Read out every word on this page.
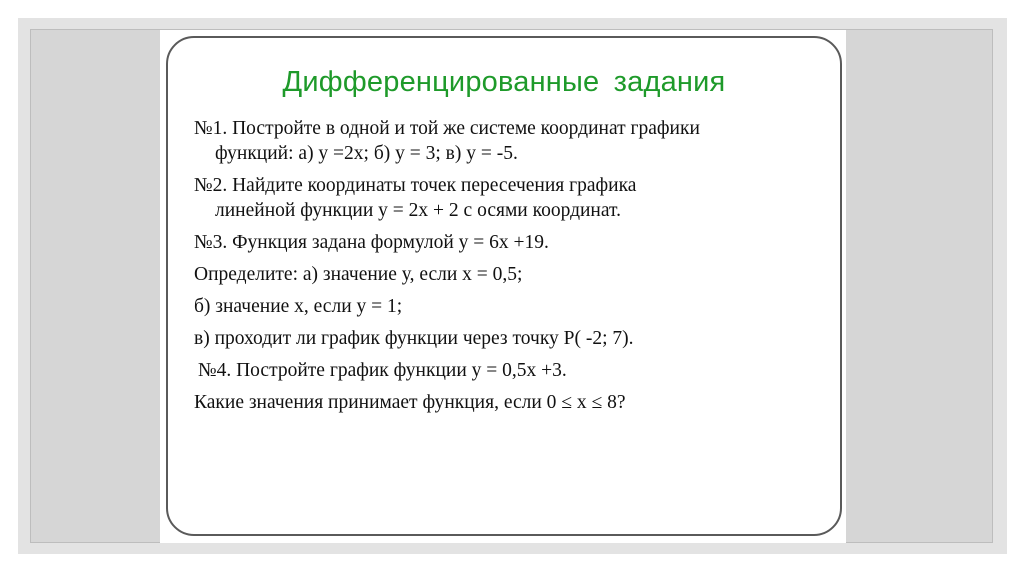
Дифференцированные задания
№1. Постройте в одной и той же системе координат графики
функций: а) у =2х; б) у = 3; в) у = -5.
№2. Найдите координаты точек пересечения графика
линейной функции у = 2х + 2 с осями координат.
№3. Функция задана формулой у = 6х +19.
Определите: а) значение у, если х = 0,5;
б) значение х, если у = 1;
в) проходит ли график функции через точку Р( -2; 7).
№4. Постройте график функции у = 0,5х +3.
Какие значения принимает функция, если 0 ≤ х ≤ 8?
